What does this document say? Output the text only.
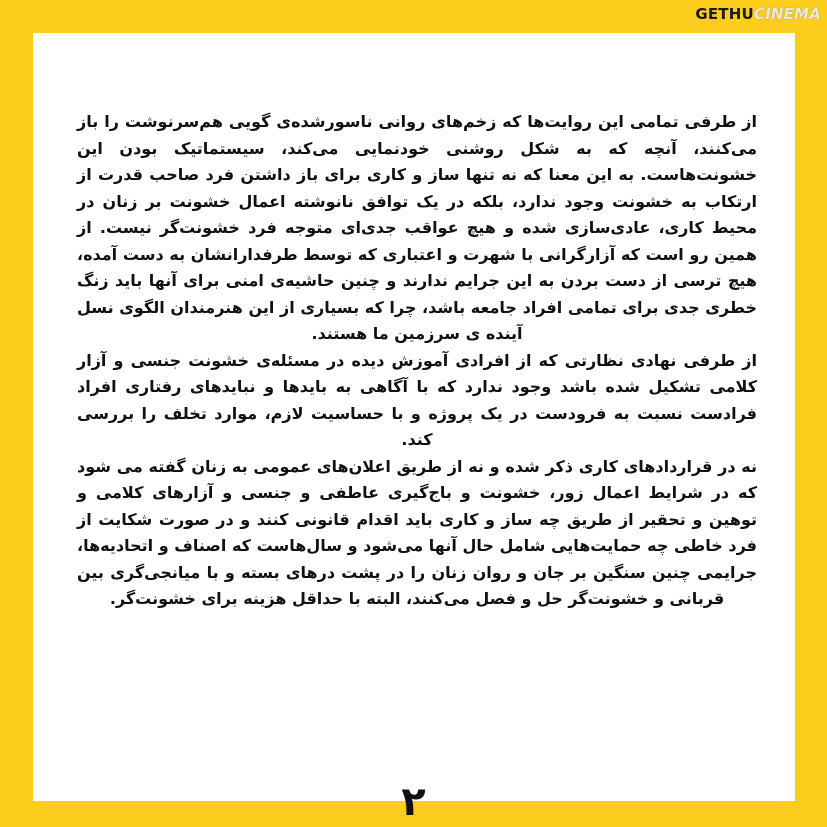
GETHU CINEMA

از طرفی تمامی این روایت‌ها که زخم‌های روانی ناسورشده‌ی گویی هم‌سرنوشت را باز می‌کنند، آنچه که به شکل روشنی خودنمایی می‌کند، سیستماتیک بودن این خشونت‌هاست. به این معنا که نه تنها ساز و کاری برای باز داشتن فرد صاحب قدرت از ارتکاب به خشونت وجود ندارد، بلکه در یک توافق نانوشته اعمال خشونت بر زنان در محیط کاری، عادی‌سازی شده و هیچ عواقب جدی‌ای متوجه فرد خشونت‌گر نیست. از همین رو است که آزارگرانی با شهرت و اعتباری که توسط طرفدارانشان به دست آمده، هیچ ترسی از دست بردن به این جرایم ندارند و چنین حاشیه‌ی امنی برای آنها باید زنگ خطری جدی برای تمامی افراد جامعه باشد، چرا که بسیاری از این هنرمندان الگوی نسل آینده ی سرزمین ما هستند.

از طرفی نهادی نظارتی که از افرادی آموزش دیده در مسئله‌ی خشونت جنسی و آزار کلامی تشکیل شده باشد وجود ندارد که با آگاهی به بایدها و نبایدهای رفتاری افراد فرادست نسبت به فرودست در یک پروژه و با حساسیت لازم، موارد تخلف را بررسی کند.

نه در قراردادهای کاری ذکر شده و نه از طریق اعلان‌های عمومی به زنان گفته می شود که در شرایط اعمال زور، خشونت و باج‌گیری عاطفی و جنسی و آزارهای کلامی و توهین و تحقیر از طریق چه ساز و کاری باید اقدام قانونی کنند و در صورت شکایت از فرد خاطی چه حمایت‌هایی شامل حال آنها می‌شود و سال‌هاست که اصناف و اتحادیه‌ها، جرایمی چنین سنگین بر جان و روان زنان را در پشت درهای بسته و با میانجی‌گری بین قربانی و خشونت‌گر حل و فصل می‌کنند، البته با حداقل هزینه برای خشونت‌گر.

۲
